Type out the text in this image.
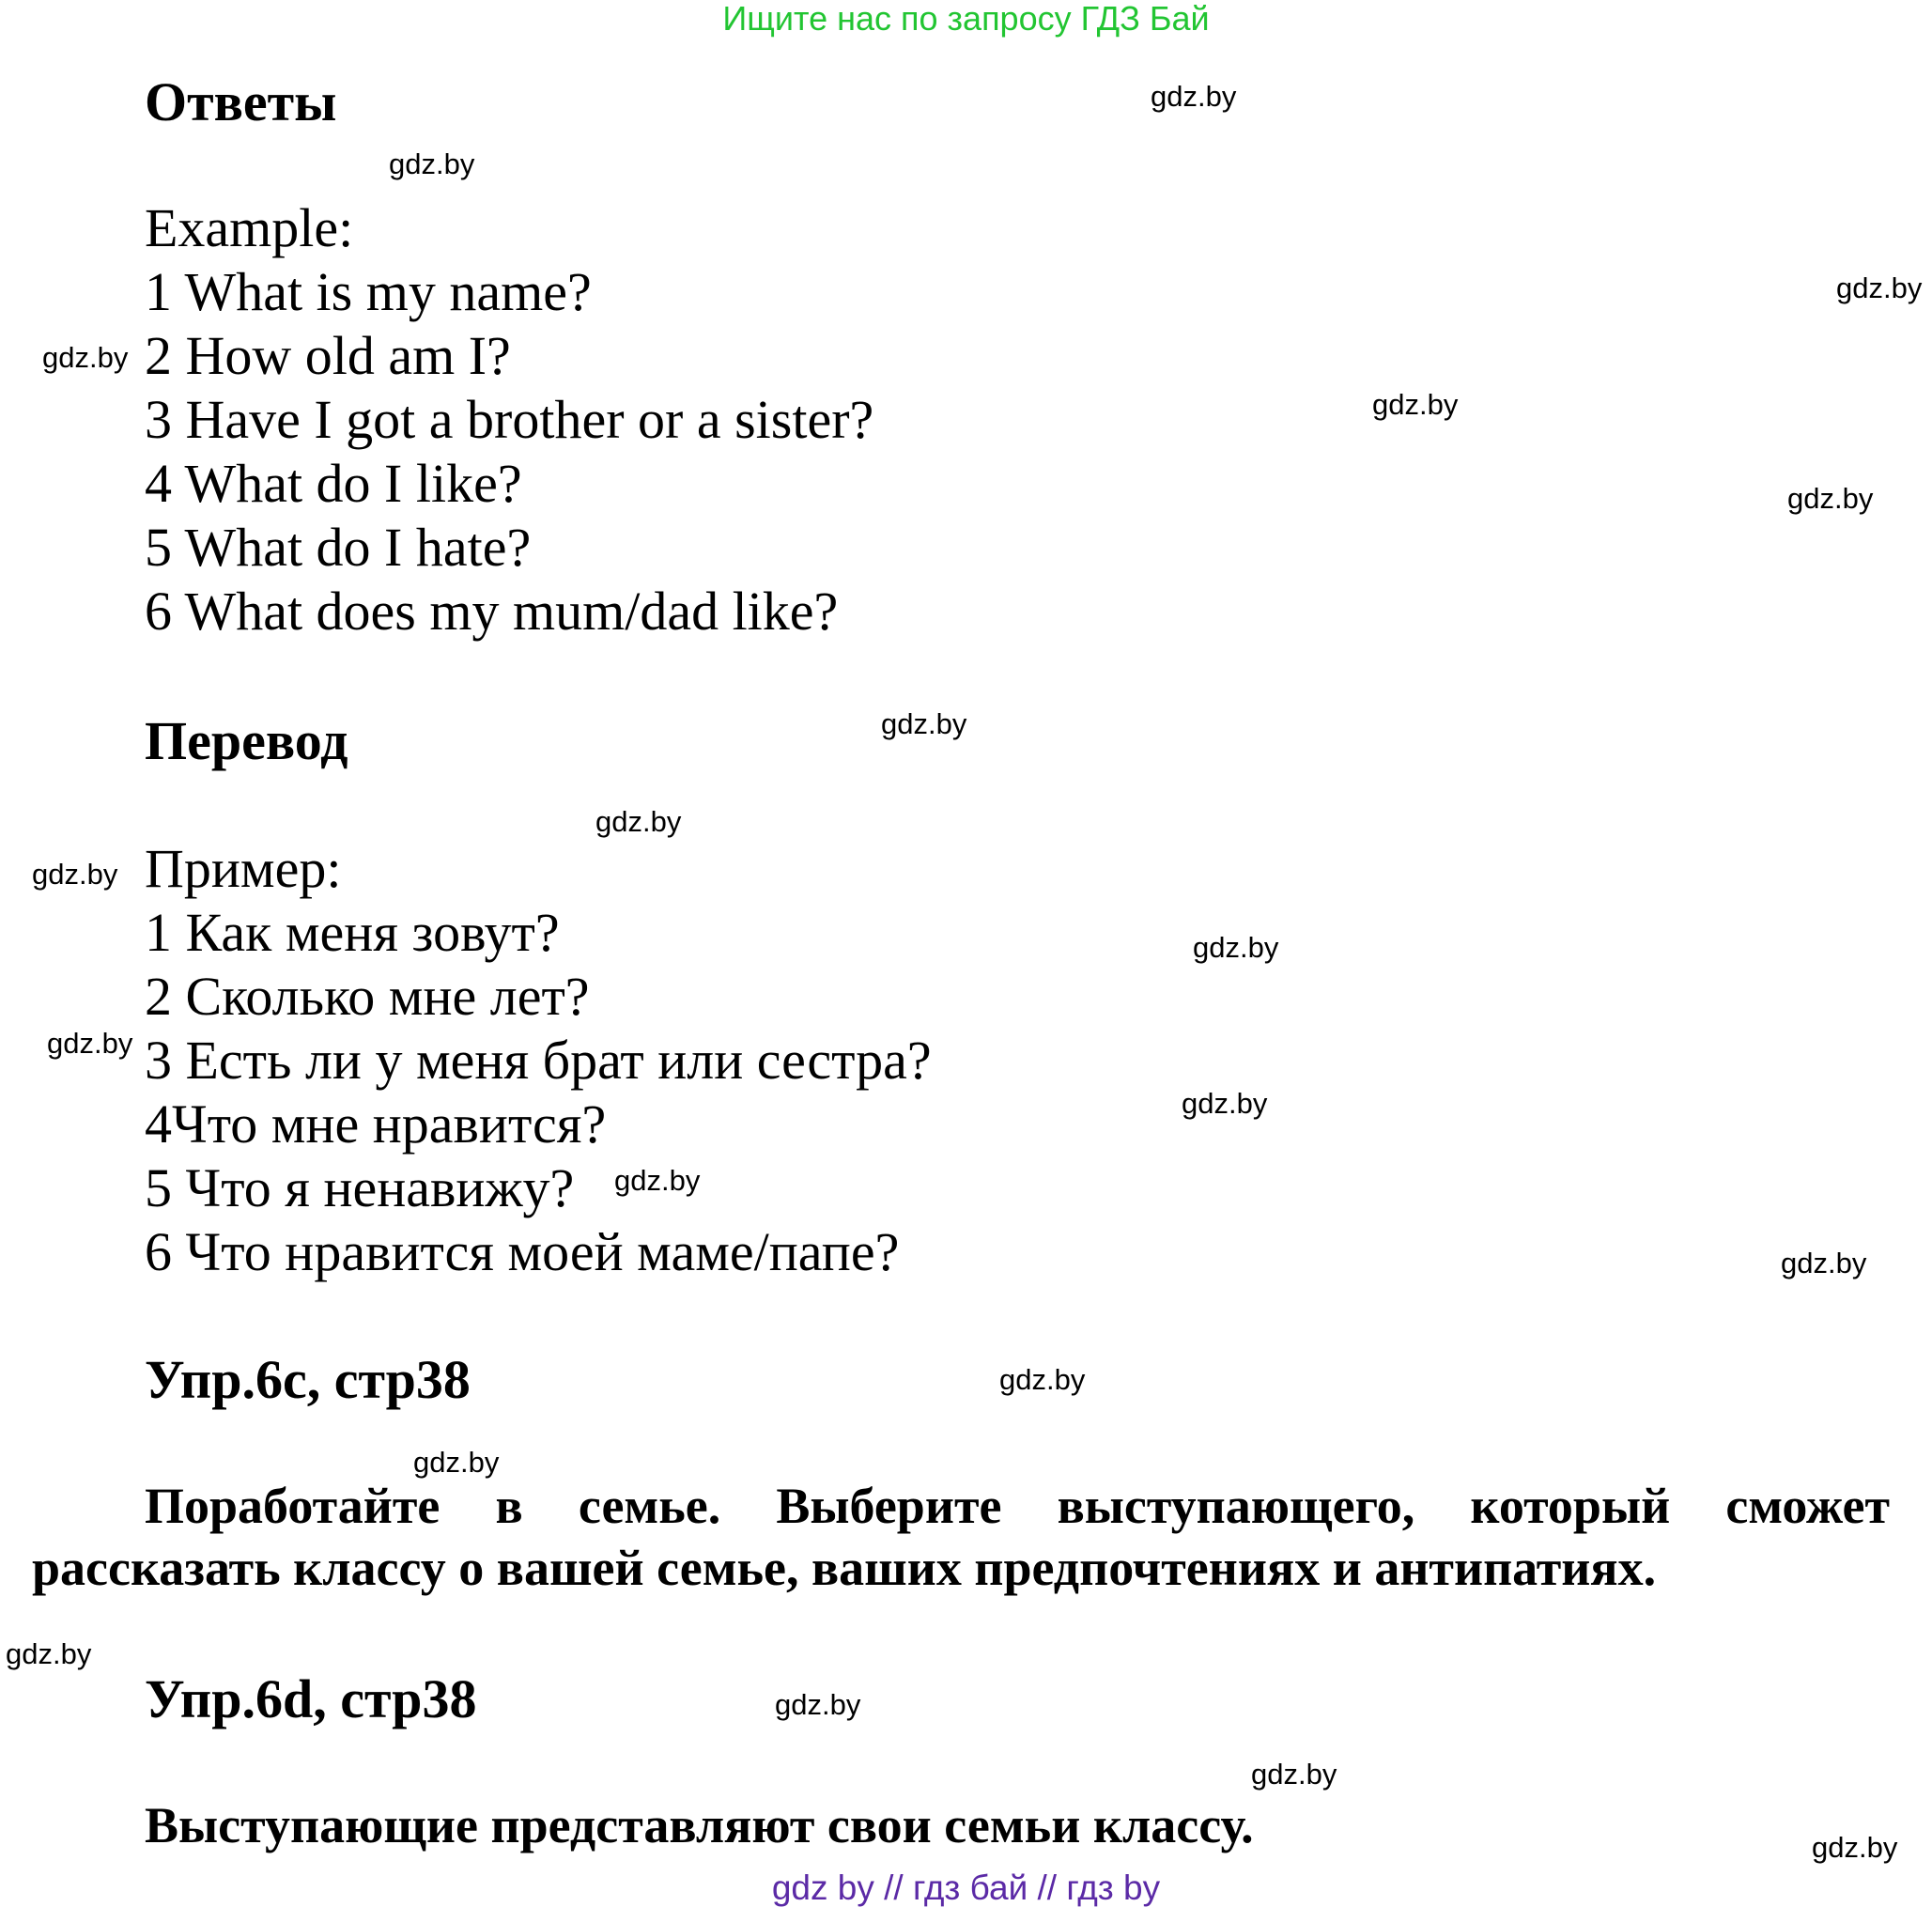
Ищите нас по запросу ГДЗ Бай
Ответы
Example:
1 What is my name?
2 How old am I?
3 Have I got a brother or a sister?
4 What do I like?
5 What do I hate?
6 What does my mum/dad like?
Перевод
Пример:
1 Как меня зовут?
2 Сколько мне лет?
3 Есть ли у меня брат или сестра?
4Что мне нравится?
5 Что я ненавижу?
6 Что нравится моей маме/папе?
Упр.6с, стр38
Поработайте в семье. Выберите выступающего, который сможет рассказать классу о вашей семье, ваших предпочтениях и антипатиях.
Упр.6d, стр38
Выступающие представляют свои семьи классу.
gdz.by
gdz.by
gdz.by
gdz.by
gdz.by
gdz.by
gdz.by
gdz.by
gdz.by
gdz.by
gdz.by
gdz.by
gdz.by
gdz.by
gdz.by
gdz.by
gdz.by
gdz.by
gdz.by
gdz.by
gdz by // гдз бай // гдз by
